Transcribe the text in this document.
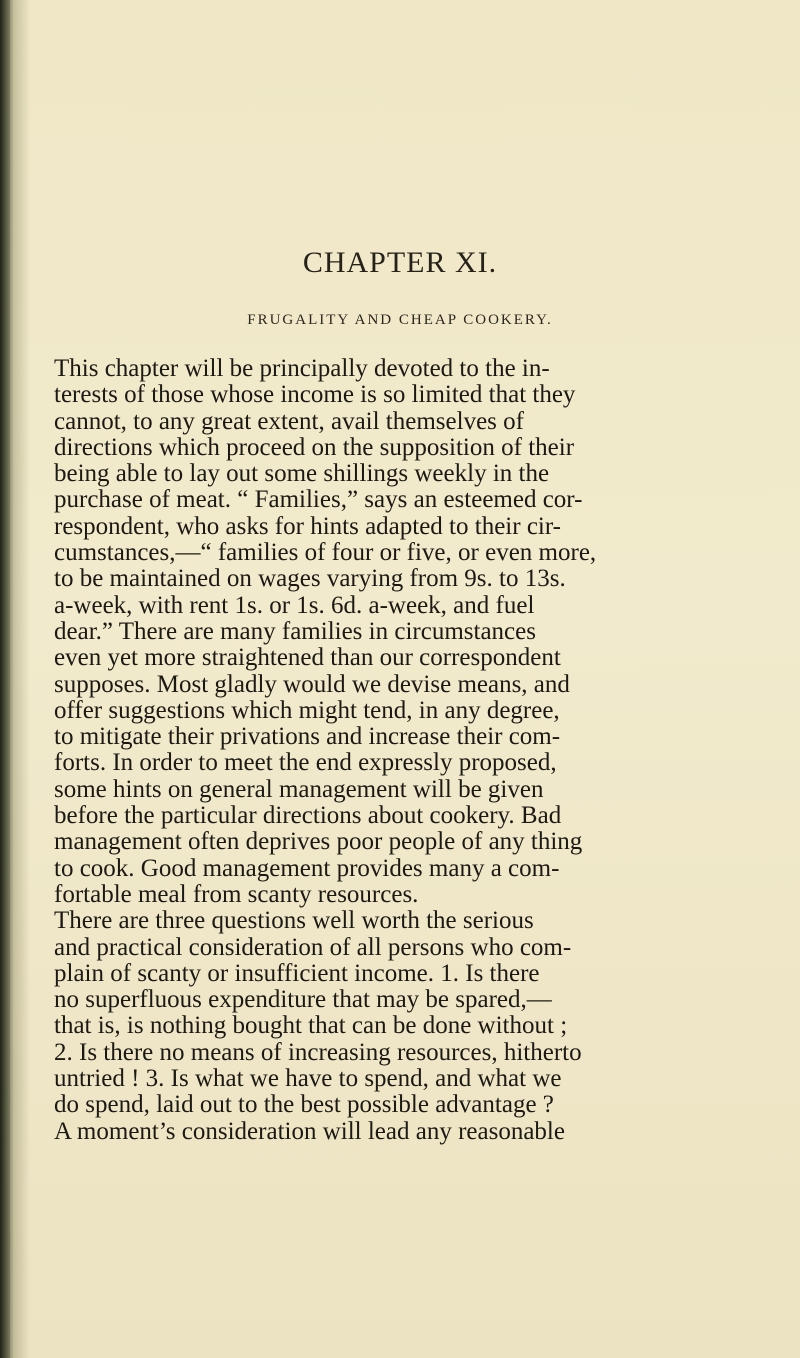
CHAPTER XI.
FRUGALITY AND CHEAP COOKERY.
This chapter will be principally devoted to the in-
terests of those whose income is so limited that they
cannot, to any great extent, avail themselves of
directions which proceed on the supposition of their
being able to lay out some shillings weekly in the
purchase of meat. “ Families,” says an esteemed cor-
respondent, who asks for hints adapted to their cir-
cumstances,—“ families of four or five, or even more,
to be maintained on wages varying from 9s. to 13s.
a-week, with rent 1s. or 1s. 6d. a-week, and fuel
dear.” There are many families in circumstances
even yet more straightened than our correspondent
supposes. Most gladly would we devise means, and
offer suggestions which might tend, in any degree,
to mitigate their privations and increase their com-
forts. In order to meet the end expressly proposed,
some hints on general management will be given
before the particular directions about cookery. Bad
management often deprives poor people of any thing
to cook. Good management provides many a com-
fortable meal from scanty resources.
There are three questions well worth the serious
and practical consideration of all persons who com-
plain of scanty or insufficient income. 1. Is there
no superfluous expenditure that may be spared,—
that is, is nothing bought that can be done without ;
2. Is there no means of increasing resources, hitherto
untried ! 3. Is what we have to spend, and what we
do spend, laid out to the best possible advantage ?
A moment’s consideration will lead any reasonable
